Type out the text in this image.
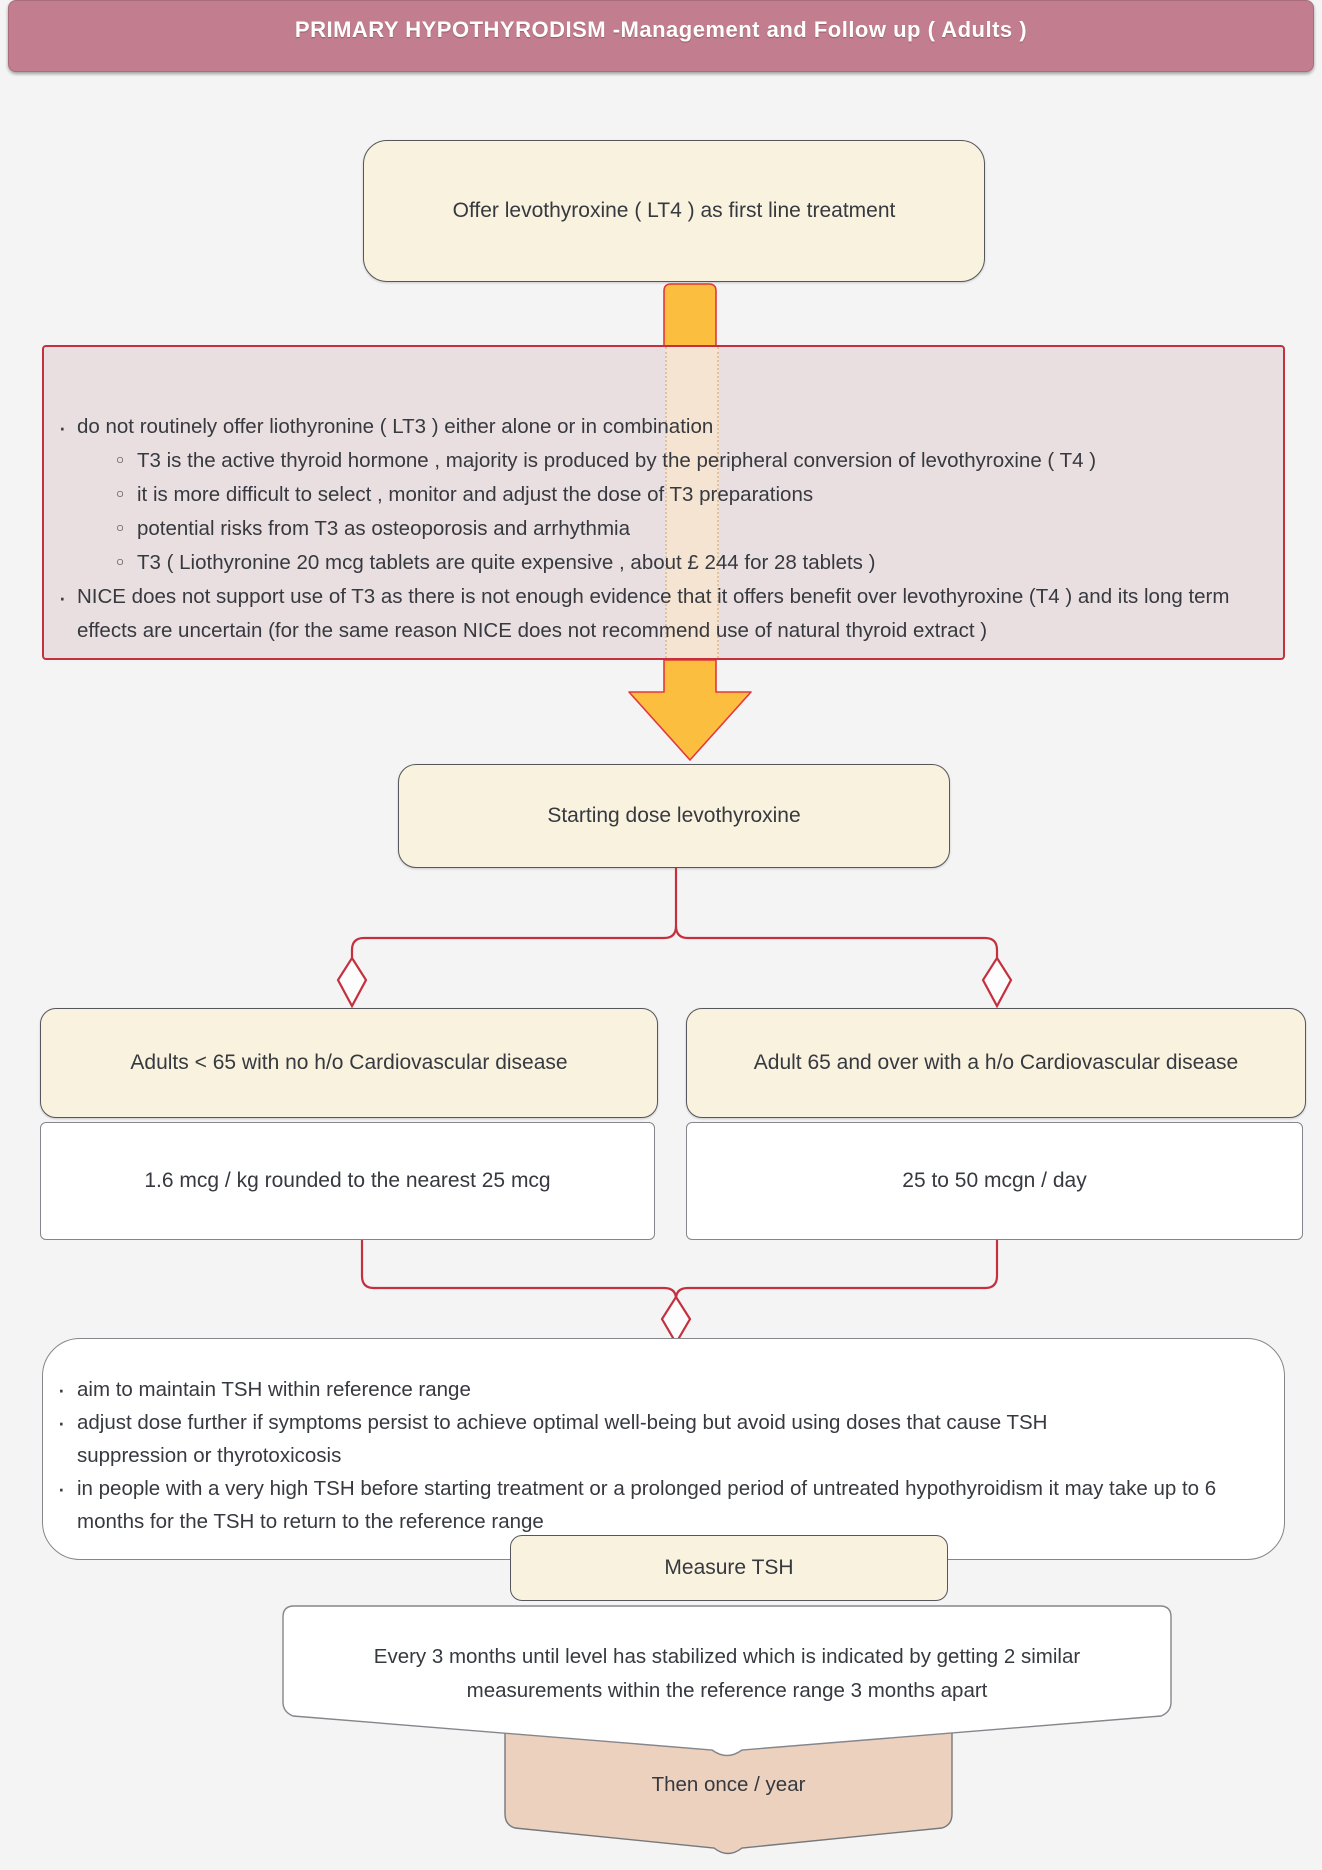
PRIMARY HYPOTHYRODISM -Management and Follow up ( Adults )
Offer levothyroxine ( LT4 ) as first line treatment
· do not routinely offer liothyronine ( LT3 ) either alone or in combination
○ T3 is the active thyroid hormone , majority is produced by the peripheral conversion of levothyroxine ( T4 )
○ it is more difficult to select , monitor and adjust the dose of T3 preparations
○ potential risks from T3 as osteoporosis and arrhythmia
○ T3 ( Liothyronine 20 mcg tablets are quite expensive , about £ 244 for 28 tablets )
· NICE does not support use of T3 as there is not enough evidence that it offers benefit over levothyroxine (T4 ) and its long term effects are uncertain (for the same reason NICE does not recommend use of natural thyroid extract )
Starting dose levothyroxine
Adults < 65 with no h/o Cardiovascular disease	Adult 65 and over with a h/o Cardiovascular disease
1.6 mcg / kg rounded to the nearest 25 mcg	25 to 50 mcgn / day
· aim to maintain TSH within reference range
· adjust dose further if symptoms persist to achieve optimal well-being but avoid using doses that cause TSH suppression or thyrotoxicosis
· in people with a very high TSH before starting treatment or a prolonged period of untreated hypothyroidism it may take up to 6 months for the TSH to return to the reference range
Every 3 months until level has stabilized which is indicated by getting 2 similar measurements within the reference range 3 months apart
Then once / year
Measure TSH
